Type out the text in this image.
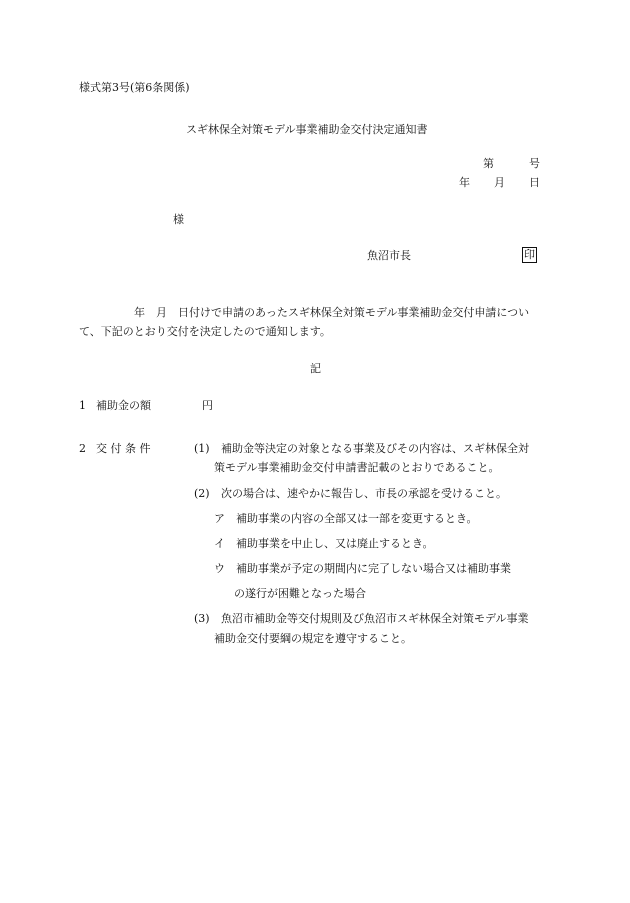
様式第3号(第6条関係)
スギ林保全対策モデル事業補助金交付決定通知書
第	号
年 月 日
様
魚沼市長	印
　　　　　年　月　日付けで申請のあったスギ林保全対策モデル事業補助金交付申請につい
て、下記のとおり交付を決定したので通知します。
記
1 補助金の額	円
2 交 付 条 件	(1) 補助金等決定の対象となる事業及びその内容は、スギ林保全対
策モデル事業補助金交付申請書記載のとおりであること。
(2) 次の場合は、速やかに報告し、市長の承認を受けること。
ア 補助事業の内容の全部又は一部を変更するとき。
イ 補助事業を中止し、又は廃止するとき。
ウ 補助事業が予定の期間内に完了しない場合又は補助事業
の遂行が困難となった場合
(3) 魚沼市補助金等交付規則及び魚沼市スギ林保全対策モデル事業
補助金交付要綱の規定を遵守すること。
